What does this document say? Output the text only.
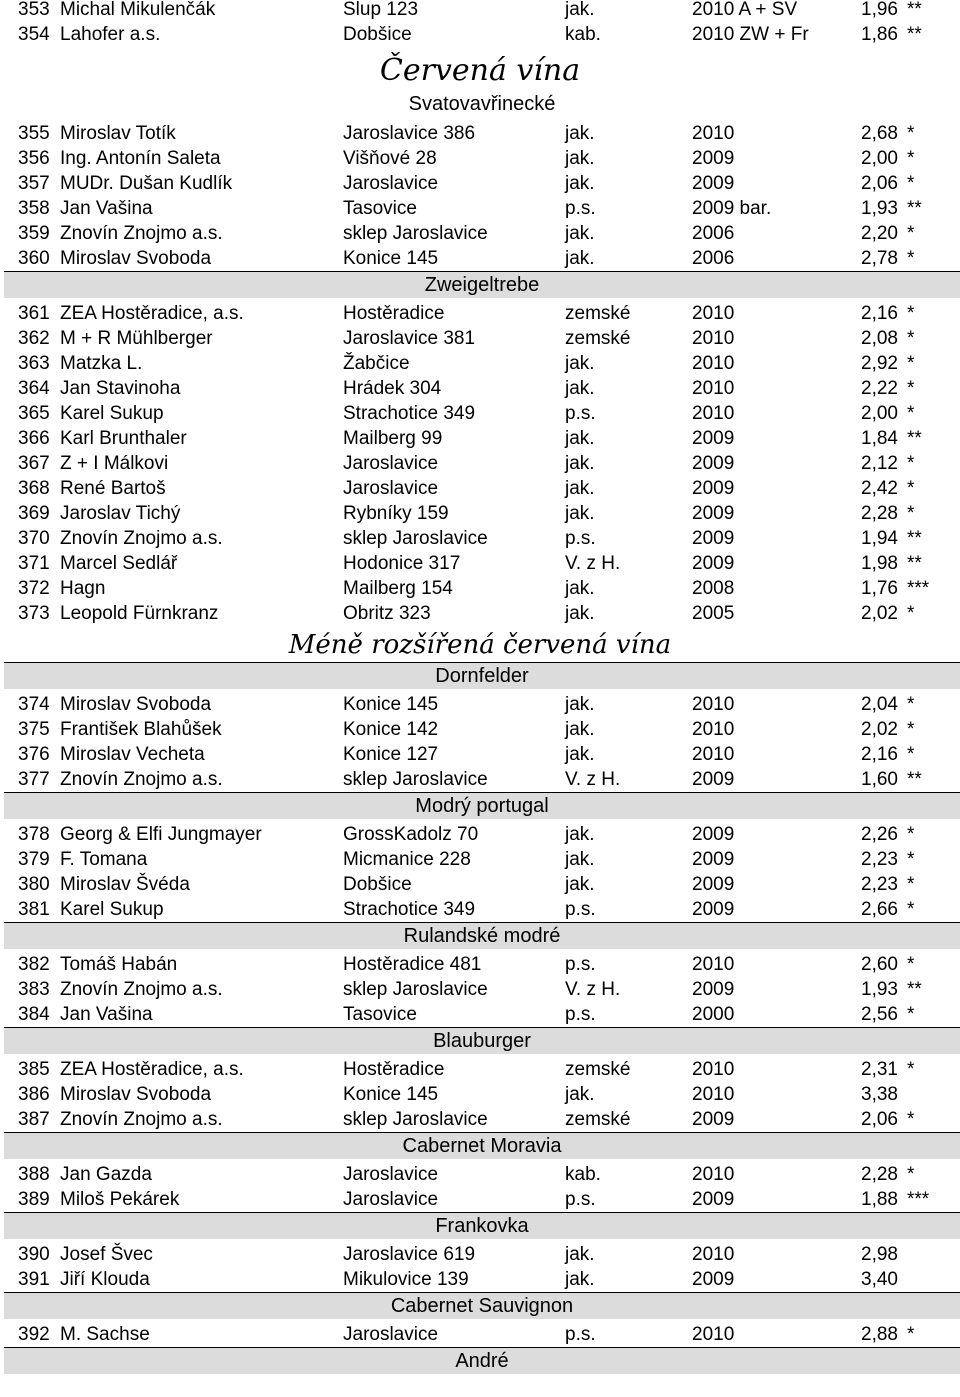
353 Michal Mikulenčák	Slup 123	jak.	2010 A + SV	1,96 **
354 Lahofer a.s.	Dobšice	kab.	2010 ZW + Fr	1,86 **
Červená vína
Svatovavřinecké
355 Miroslav Totík	Jaroslavice 386	jak.	2010	2,68 *
356 Ing. Antonín Saleta	Višňové 28	jak.	2009	2,00 *
357 MUDr. Dušan Kudlík	Jaroslavice	jak.	2009	2,06 *
358 Jan Vašina	Tasovice	p.s.	2009 bar.	1,93 **
359 Znovín Znojmo a.s.	sklep Jaroslavice	jak.	2006	2,20 *
360 Miroslav Svoboda	Konice 145	jak.	2006	2,78 *
Zweigeltrebe
361 ZEA Hostěradice, a.s.	Hostěradice	zemské	2010	2,16 *
362 M + R Mühlberger	Jaroslavice 381	zemské	2010	2,08 *
363 Matzka L.	Žabčice	jak.	2010	2,92 *
364 Jan Stavinoha	Hrádek 304	jak.	2010	2,22 *
365 Karel Sukup	Strachotice 349	p.s.	2010	2,00 *
366 Karl Brunthaler	Mailberg 99	jak.	2009	1,84 **
367 Z + I Málkovi	Jaroslavice	jak.	2009	2,12 *
368 René Bartoš	Jaroslavice	jak.	2009	2,42 *
369 Jaroslav Tichý	Rybníky 159	jak.	2009	2,28 *
370 Znovín Znojmo a.s.	sklep Jaroslavice	p.s.	2009	1,94 **
371 Marcel Sedlář	Hodonice 317	V. z H.	2009	1,98 **
372 Hagn	Mailberg 154	jak.	2008	1,76 ***
373 Leopold Fürnkranz	Obritz 323	jak.	2005	2,02 *
Méně rozšířená červená vína
Dornfelder
374 Miroslav Svoboda	Konice 145	jak.	2010	2,04 *
375 František Blahůšek	Konice 142	jak.	2010	2,02 *
376 Miroslav Vecheta	Konice 127	jak.	2010	2,16 *
377 Znovín Znojmo a.s.	sklep Jaroslavice	V. z H.	2009	1,60 **
Modrý portugal
378 Georg & Elfi Jungmayer	GrossKadolz 70	jak.	2009	2,26 *
379 F. Tomana	Micmanice 228	jak.	2009	2,23 *
380 Miroslav Švéda	Dobšice	jak.	2009	2,23 *
381 Karel Sukup	Strachotice 349	p.s.	2009	2,66 *
Rulandské modré
382 Tomáš Habán	Hostěradice 481	p.s.	2010	2,60 *
383 Znovín Znojmo a.s.	sklep Jaroslavice	V. z H.	2009	1,93 **
384 Jan Vašina	Tasovice	p.s.	2000	2,56 *
Blauburger
385 ZEA Hostěradice, a.s.	Hostěradice	zemské	2010	2,31 *
386 Miroslav Svoboda	Konice 145	jak.	2010	3,38
387 Znovín Znojmo a.s.	sklep Jaroslavice	zemské	2009	2,06 *
Cabernet Moravia
388 Jan Gazda	Jaroslavice	kab.	2010	2,28 *
389 Miloš Pekárek	Jaroslavice	p.s.	2009	1,88 ***
Frankovka
390 Josef Švec	Jaroslavice 619	jak.	2010	2,98
391 Jiří Klouda	Mikulovice 139	jak.	2009	3,40
Cabernet Sauvignon
392 M. Sachse	Jaroslavice	p.s.	2010	2,88 *
André
